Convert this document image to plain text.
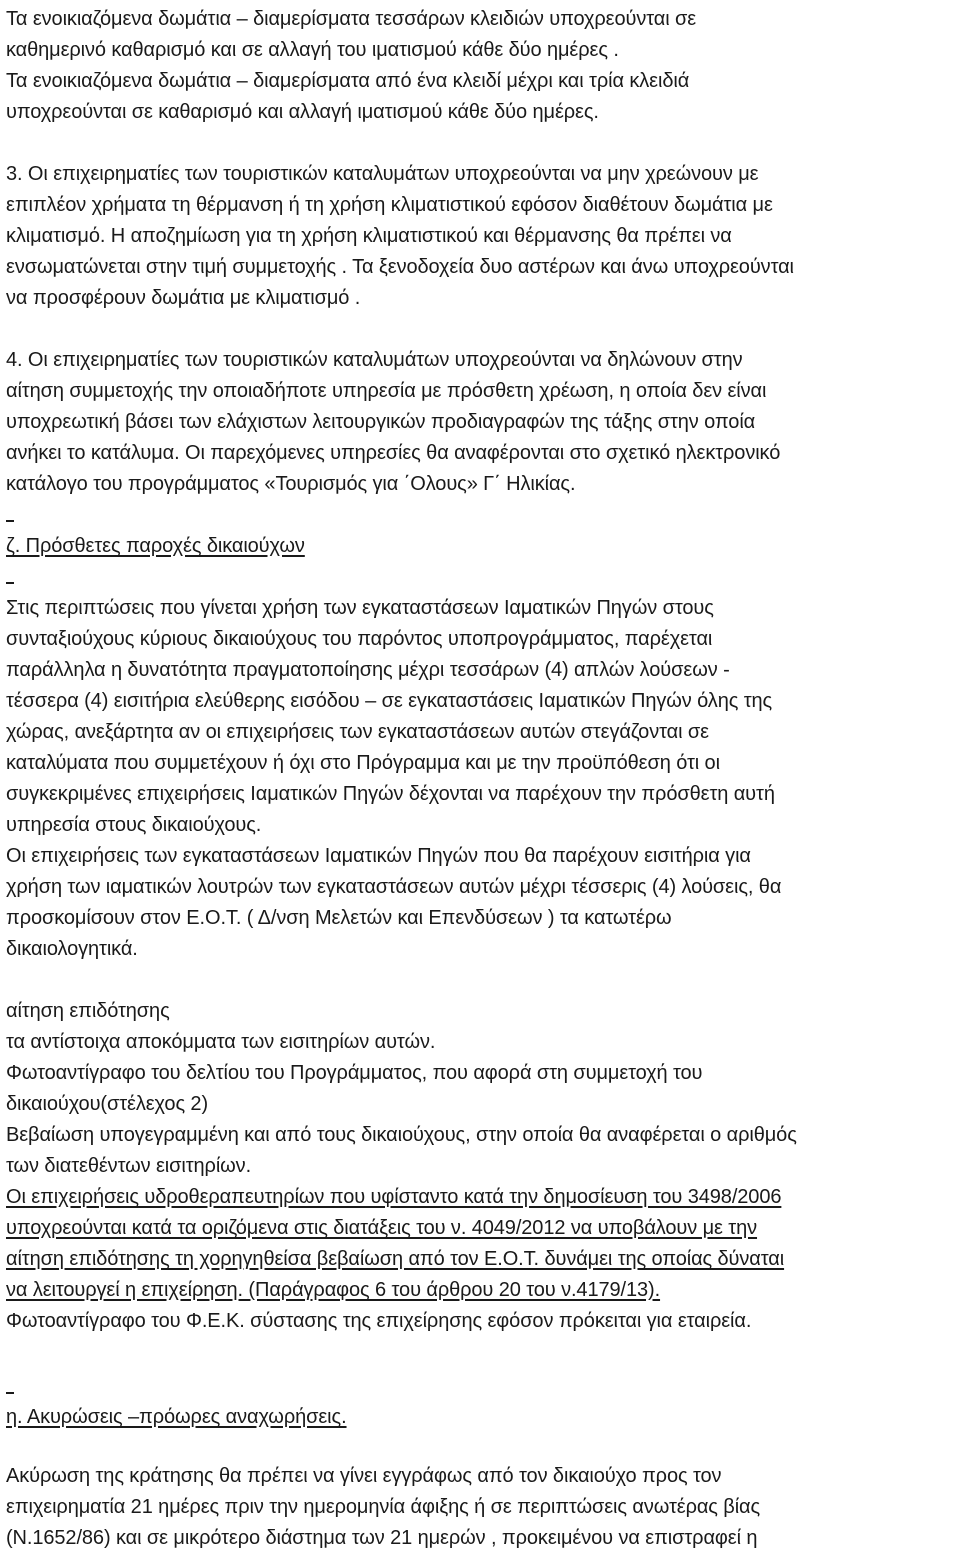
Τα ενοικιαζόμενα δωμάτια – διαμερίσματα τεσσάρων κλειδιών υποχρεούνται σε

καθημερινό καθαρισμό και σε αλλαγή του ιματισμού κάθε δύο ημέρες .

Τα ενοικιαζόμενα δωμάτια – διαμερίσματα από ένα κλειδί μέχρι και τρία κλειδιά

υποχρεούνται σε καθαρισμό και αλλαγή ιματισμού κάθε δύο ημέρες.

3. Οι επιχειρηματίες των τουριστικών καταλυμάτων υποχρεούνται να μην χρεώνουν με

επιπλέον χρήματα τη θέρμανση ή τη χρήση κλιματιστικού εφόσον διαθέτουν δωμάτια με

κλιματισμό. Η αποζημίωση για τη χρήση κλιματιστικού και θέρμανσης θα πρέπει να

ενσωματώνεται στην τιμή συμμετοχής . Τα ξενοδοχεία δυο αστέρων και άνω υποχρεούνται

να προσφέρουν δωμάτια με κλιματισμό .

4. Οι επιχειρηματίες των τουριστικών καταλυμάτων υποχρεούνται να δηλώνουν στην

αίτηση συμμετοχής την οποιαδήποτε υπηρεσία με πρόσθετη χρέωση, η οποία δεν είναι

υποχρεωτική βάσει των ελάχιστων λειτουργικών προδιαγραφών της τάξης στην οποία

ανήκει το κατάλυμα. Οι παρεχόμενες υπηρεσίες θα αναφέρονται στο σχετικό ηλεκτρονικό

κατάλογο του προγράμματος «Τουρισμός για ΄Ολους» Γ΄ Ηλικίας.

ζ. Πρόσθετες παροχές δικαιούχων

Στις περιπτώσεις που γίνεται χρήση των εγκαταστάσεων Ιαματικών Πηγών στους

συνταξιούχους κύριους δικαιούχους του παρόντος υποπρογράμματος, παρέχεται

παράλληλα η δυνατότητα πραγματοποίησης μέχρι τεσσάρων (4) απλών λούσεων -

τέσσερα (4) εισιτήρια ελεύθερης εισόδου – σε εγκαταστάσεις Ιαματικών Πηγών όλης της

χώρας, ανεξάρτητα αν οι επιχειρήσεις των εγκαταστάσεων αυτών στεγάζονται σε

καταλύματα που συμμετέχουν ή όχι στο Πρόγραμμα και με την προϋπόθεση ότι οι

συγκεκριμένες επιχειρήσεις Ιαματικών Πηγών δέχονται να παρέχουν την πρόσθετη αυτή

υπηρεσία στους δικαιούχους.

Οι επιχειρήσεις των εγκαταστάσεων Ιαματικών Πηγών που θα παρέχουν εισιτήρια για

χρήση των ιαματικών λουτρών των εγκαταστάσεων αυτών μέχρι τέσσερις (4) λούσεις, θα

προσκομίσουν στον Ε.Ο.Τ. ( Δ/νση Μελετών και Επενδύσεων ) τα κατωτέρω

δικαιολογητικά.

αίτηση επιδότησης

τα αντίστοιχα αποκόμματα των εισιτηρίων αυτών.

Φωτοαντίγραφο του δελτίου του Προγράμματος, που αφορά στη συμμετοχή του

δικαιούχου(στέλεχος 2)

Βεβαίωση υπογεγραμμένη και από τους δικαιούχους, στην οποία θα αναφέρεται ο αριθμός

των διατεθέντων εισιτηρίων.

Οι επιχειρήσεις υδροθεραπευτηρίων που υφίσταντο κατά την δημοσίευση του 3498/2006

υποχρεούνται κατά τα οριζόμενα στις διατάξεις του ν. 4049/2012 να υποβάλουν με την

αίτηση επιδότησης τη χορηγηθείσα βεβαίωση από τον Ε.Ο.Τ. δυνάμει της οποίας δύναται

να λειτουργεί η επιχείρηση. (Παράγραφος 6 του άρθρου 20 του ν.4179/13).

Φωτοαντίγραφο του Φ.Ε.Κ. σύστασης της επιχείρησης εφόσον πρόκειται για εταιρεία.

η. Ακυρώσεις –πρόωρες αναχωρήσεις.

Ακύρωση της κράτησης θα πρέπει να γίνει εγγράφως από τον δικαιούχο προς τον

επιχειρηματία 21 ημέρες πριν την ημερομηνία άφιξης ή σε περιπτώσεις ανωτέρας βίας

(Ν.1652/86) και σε μικρότερο διάστημα των 21 ημερών , προκειμένου να επιστραφεί η
